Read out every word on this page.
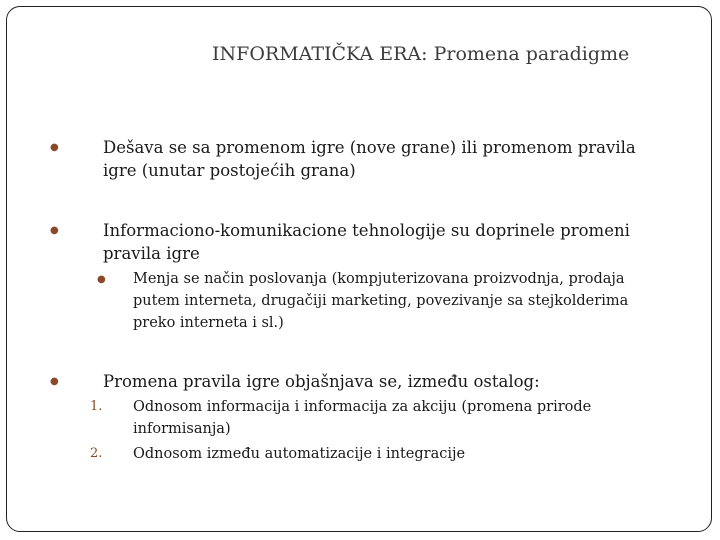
INFORMATIČKA ERA: Promena paradigme
●	Dešava se sa promenom igre (nove grane) ili promenom pravila
igre (unutar postojećih grana)
●	Informaciono-komunikacione tehnologije su doprinele promeni
pravila igre
● Menja se način poslovanja (kompjuterizovana proizvodnja, prodaja
putem interneta, drugačiji marketing, povezivanje sa stejkolderima
preko interneta i sl.)
●	Promena pravila igre objašnjava se, između ostalog:
1. Odnosom informacija i informacija za akciju (promena prirode
informisanja)
2. Odnosom između automatizacije i integracije
